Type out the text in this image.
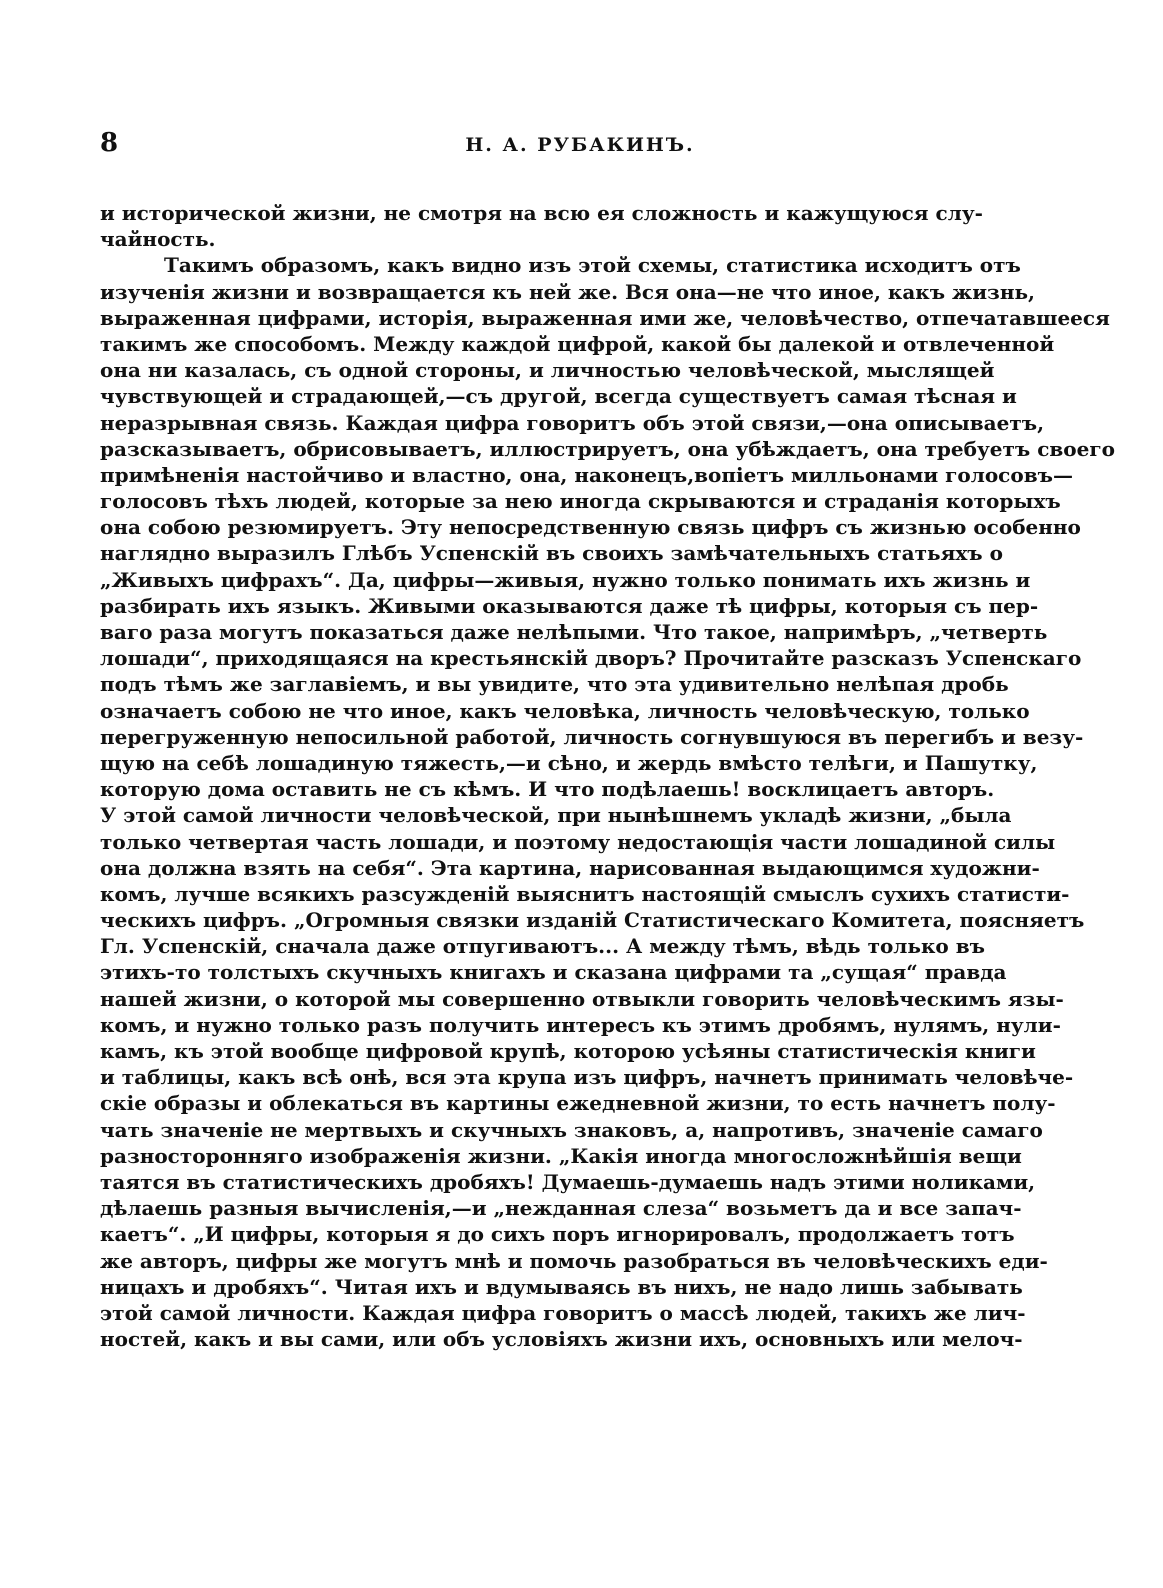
8	Н. А. РУБАКИНЪ.
и исторической жизни, не смотря на всю ея сложность и кажущуюся слу-
чайность.
Такимъ образомъ, какъ видно изъ этой схемы, статистика исходитъ отъ
изученія жизни и возвращается къ ней же. Вся она—не что иное, какъ жизнь,
выраженная цифрами, исторія, выраженная ими же, человѣчество, отпечатавшееся
такимъ же способомъ. Между каждой цифрой, какой бы далекой и отвлеченной
она ни казалась, съ одной стороны, и личностью человѣческой, мыслящей
чувствующей и страдающей,—съ другой, всегда существуетъ самая тѣсная и
неразрывная связь. Каждая цифра говоритъ объ этой связи,—она описываетъ,
разсказываетъ, обрисовываетъ, иллюстрируетъ, она убѣждаетъ, она требуетъ своего
примѣненія настойчиво и властно, она, наконецъ,вопіетъ милльонами голосовъ—
голосовъ тѣхъ людей, которые за нею иногда скрываются и страданія которыхъ
она собою резюмируетъ. Эту непосредственную связь цифръ съ жизнью особенно
наглядно выразилъ Глѣбъ Успенскій въ своихъ замѣчательныхъ статьяхъ о
„Живыхъ цифрахъ“. Да, цифры—живыя, нужно только понимать ихъ жизнь и
разбирать ихъ языкъ. Живыми оказываются даже тѣ цифры, которыя съ пер-
ваго раза могутъ показаться даже нелѣпыми. Что такое, напримѣръ, „четверть
лошади“, приходящаяся на крестьянскій дворъ? Прочитайте разсказъ Успенскаго
подъ тѣмъ же заглавіемъ, и вы увидите, что эта удивительно нелѣпая дробь
означаетъ собою не что иное, какъ человѣка, личность человѣческую, только
перегруженную непосильной работой, личность согнувшуюся въ перегибъ и везу-
щую на себѣ лошадиную тяжесть,—и сѣно, и жердь вмѣсто телѣги, и Пашутку,
которую дома оставить не съ кѣмъ. И что подѣлаешь! восклицаетъ авторъ.
У этой самой личности человѣческой, при нынѣшнемъ укладѣ жизни, „была
только четвертая часть лошади, и поэтому недостающія части лошадиной силы
она должна взять на себя“. Эта картина, нарисованная выдающимся художни-
комъ, лучше всякихъ разсужденій выяснитъ настоящій смыслъ сухихъ статисти-
ческихъ цифръ. „Огромныя связки изданій Статистическаго Комитета, поясняетъ
Гл. Успенскій, сначала даже отпугиваютъ... А между тѣмъ, вѣдь только въ
этихъ-то толстыхъ скучныхъ книгахъ и сказана цифрами та „сущая“ правда
нашей жизни, о которой мы совершенно отвыкли говорить человѣческимъ язы-
комъ, и нужно только разъ получить интересъ къ этимъ дробямъ, нулямъ, нули-
камъ, къ этой вообще цифровой крупѣ, которою усѣяны статистическія книги
и таблицы, какъ всѣ онѣ, вся эта крупа изъ цифръ, начнетъ принимать человѣче-
скіе образы и облекаться въ картины ежедневной жизни, то есть начнетъ полу-
чать значеніе не мертвыхъ и скучныхъ знаковъ, а, напротивъ, значеніе самаго
разносторонняго изображенія жизни. „Какія иногда многосложнѣйшія вещи
таятся въ статистическихъ дробяхъ! Думаешь-думаешь надъ этими ноликами,
дѣлаешь разныя вычисленія,—и „нежданная слеза“ возьметъ да и все запач-
каетъ“. „И цифры, которыя я до сихъ поръ игнорировалъ, продолжаетъ тотъ
же авторъ, цифры же могутъ мнѣ и помочь разобраться въ человѣческихъ еди-
ницахъ и дробяхъ“. Читая ихъ и вдумываясь въ нихъ, не надо лишь забывать
этой самой личности. Каждая цифра говоритъ о массѣ людей, такихъ же лич-
ностей, какъ и вы сами, или объ условіяхъ жизни ихъ, основныхъ или мелоч-
